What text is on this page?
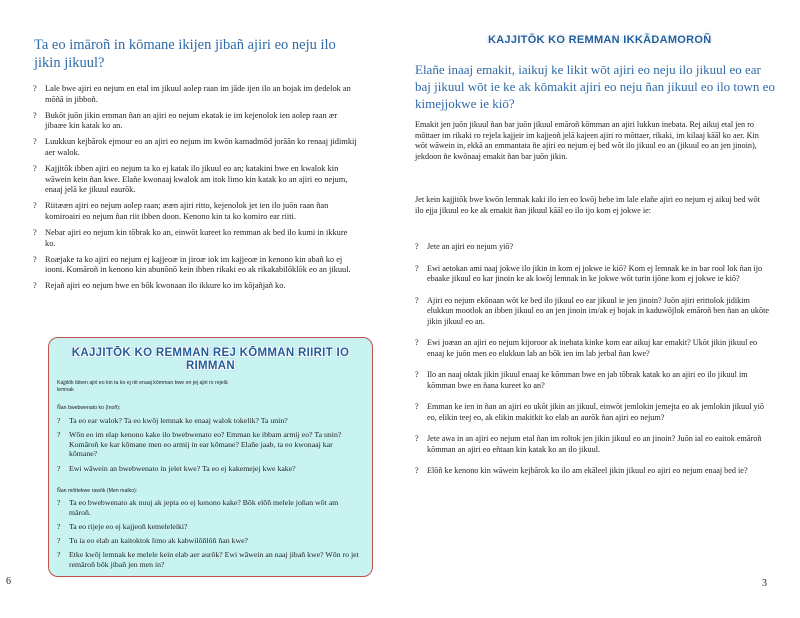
Ta eo imāroñ in kōmane ikijen jibañ ajiri eo neju ilo jikin jikuul?
? Lale bwe ajiri eo nejum en etal im jikuul aolep raan im jāde ijen ilo an bojak im ḍedelok an mōñā in jibboñ.
? Bukōt juōn jikin emman ñan an ajiri eo nejum ekatak ie im kejenolok ien aolep raan ær jibaæe kin katak ko an.
? Luukkun kejbārok ejmour eo an ajiri eo nejum im kwōn kamadmōd jorāān ko renaaj jidimkij aer walok.
? Kajjitōk ibben ajiri eo nejum ta ko ej katak ilo jikuul eo an; katakini bwe en kwalok kin wāwein kein ñan kwe. Elañe kwonaaj kwalok am itok limo kin katak ko an ajiri eo nejum, enaaj jelā ke jikuul eaurōk.
? Riitææn ajiri eo nejum aolep raan; ææn ajiri ritto, kejenolok jet ien ilo juōn raan ñan komiroairi eo nejum ñan riit ibben doon. Kenono kin ta ko komiro ear riiti.
? Nebar ajiri eo nejum kin tōbrak ko an, einwōt kureet ko remman ak bed ilo kumi in ikkure ko.
? Roæjake ta ko ajiri eo nejum ej kajjeoæ in jiroæ iok im kajjeoæ in kenono kin abañ ko ej iooni. Komāroñ in kenono kin abunōnō kein ibben rikaki eo ak rikakabilōklōk eo an jikuul.
? Rejañ ajiri eo nejum bwe en bōk kwonaan ilo ikkure ko im kōjañjañ ko.
KAJJITŌK KO REMMAN REJ KŌMMAN RIIRIT IO RIMMAN
Kajjitōk ibben ajiri eo kin ta ko ej riit enaaj kōmman bwe en jej ajiri ro rejelā lemnak
Ñan bwebwenato ko (Inoñ):
? Ta eo ear walok? Ta eo kwōj lemnak ke enaaj walok tokelik? Ta unin?
? Wōn eo im elap kenono kake ilo bwebwenato eo? Emman ke ibbam armij eo? Ta unin? Komāroñ ke kar kōmane men eo armij in ear kōmane? Elañe jaab, ta eo kwonaaj kar kōmane?
? Ewi wāwein an bwebwenato in jelet kwe? Ta eo ej kakemejej kwe kake?
Ñan mōttekwe rawōk (Men malko):
? Ta eo bwebwenato ak nuuj ak jepta eo ej kenono kake? Bōk elōñ melele joñan wōt am māroñ.
? Ta eo rijeje eo ej kajjeoñ kemeleleiki?
? Tu ia eo elab an kaitoktok limo ak kabwilōñlōñ ñan kwe?
? Etke kwōj lemnak ke melele kein elab aer aurōk? Ewi wāwein an naaj jibañ kwe? Wōn ro jet remāroñ bōk jibañ jen men in?
6
KAJJITŌK KO REMMAN IKKĀDAMOROÑ
Elañe inaaj emakit, iaikuj ke likit wōt ajiri eo neju ilo jikuul eo ear baj jikuul wōt ie ke ak kōmakit ajiri eo neju ñan jikuul eo ilo town eo kimejjokwe ie kiō?

Emakit jen juōn jikuul ñan bar juōn jikuul emāroñ kōmman an ajiri lukkun inebata. Rej aikuj etal jen ro mōttaer im rikaki ro rejela kajjeir im kajjeoñ jelā kajeen ajiri ro mōttaer, rikaki, im kilaaj kāāl ko aer. Kin wōt wāwein in, ekkā an emmantata ñe ajiri eo nejum ej bed wōt ilo jikuul eo an (jikuul eo an jen jinoin), jekdoon ñe kwōnaaj emakit ñan bar juōn jikin.

Jet kein kajjitōk bwe kwōn lemnak kaki ilo ien eo kwōj bebe im lale elañe ajiri eo nejum ej aikuj bed wōt ilo ejja jikuul eo ke ak emakit ñan jikuul kāāl eo ilo ijo kom ej jokwe ie:

? Jete an ajiri eo nejum yiō?
? Ewi aetokan ami naaj jokwe ilo jikin in kom ej jokwe ie kiō? Kom ej lemnak ke in bar rool lok ñan ijo ebaake jikuul eo kar jinoin ke ak kwōj lemnak in ke jokwe wōt turin ijōne kom ej jokwe ie kiō?
? Ajiri eo nejum ekōnaan wōt ke bed ilo jikuul eo ear jikuul ie jen jinoin? Juōn ajiri erittolok jidikim elukkun mootlok an ibben jikuul eo an jen jinoin im/ak ej bojak in kaduwōjlok emāroñ ben ñan an ukōte jikin jikuul eo an.
? Ewi joæan an ajiri eo nejum kijoroor ak inebata kinke kom ear aikuj kar emakit? Ukōt jikin jikuul eo enaaj ke juōn men eo elukkun lab an bōk ien im lab jerbal ñan kwe?
? Ilo an naaj oktak jikin jikuul enaaj ke kōmman bwe en jab tōbrak katak ko an ajiri eo ilo jikuul im kōmman bwe en ñana kureet ko an?
? Emman ke ien in ñan an ajiri eo ukōt jikin an jikuul, einwōt jemlokin jemejta eo ak jemlokin jikuul yiō eo, elikin teej eo, ak elikin makitkit ko elab an aurōk ñan ajiri eo nejum?
? Jete awa in an ajiri eo nejum etal ñan im roltok jen jikin jikuul eo an jinoin? Juōn ial eo eaitok emāroñ kōmman an ajiri eo eñtaan kin katak ko an ilo jikuul.
? Elōñ ke kenono kin wāwein kejbārok ko ilo am ekāleel jikin jikuul eo ajiri eo nejum enaaj bed ie?
3
